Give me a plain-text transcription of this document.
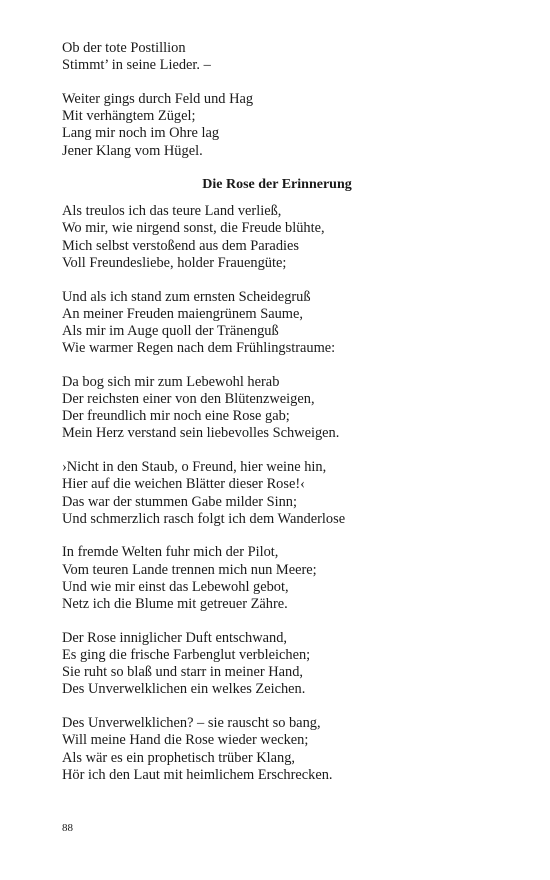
Ob der tote Postillion
Stimmt’ in seine Lieder. –
Weiter gings durch Feld und Hag
Mit verhängtem Zügel;
Lang mir noch im Ohre lag
Jener Klang vom Hügel.
Die Rose der Erinnerung
Als treulos ich das teure Land verließ,
Wo mir, wie nirgend sonst, die Freude blühte,
Mich selbst verstoßend aus dem Paradies
Voll Freundesliebe, holder Frauengüte;
Und als ich stand zum ernsten Scheidegruß
An meiner Freuden maiengrünem Saume,
Als mir im Auge quoll der Tränenguß
Wie warmer Regen nach dem Frühlingstraume:
Da bog sich mir zum Lebewohl herab
Der reichsten einer von den Blütenzweigen,
Der freundlich mir noch eine Rose gab;
Mein Herz verstand sein liebevolles Schweigen.
›Nicht in den Staub, o Freund, hier weine hin,
Hier auf die weichen Blätter dieser Rose!‹
Das war der stummen Gabe milder Sinn;
Und schmerzlich rasch folgt ich dem Wanderlose
In fremde Welten fuhr mich der Pilot,
Vom teuren Lande trennen mich nun Meere;
Und wie mir einst das Lebewohl gebot,
Netz ich die Blume mit getreuer Zähre.
Der Rose inniglicher Duft entschwand,
Es ging die frische Farbenglut verbleichen;
Sie ruht so blaß und starr in meiner Hand,
Des Unverwelklichen ein welkes Zeichen.
Des Unverwelklichen? – sie rauscht so bang,
Will meine Hand die Rose wieder wecken;
Als wär es ein prophetisch trüber Klang,
Hör ich den Laut mit heimlichem Erschrecken.
88
